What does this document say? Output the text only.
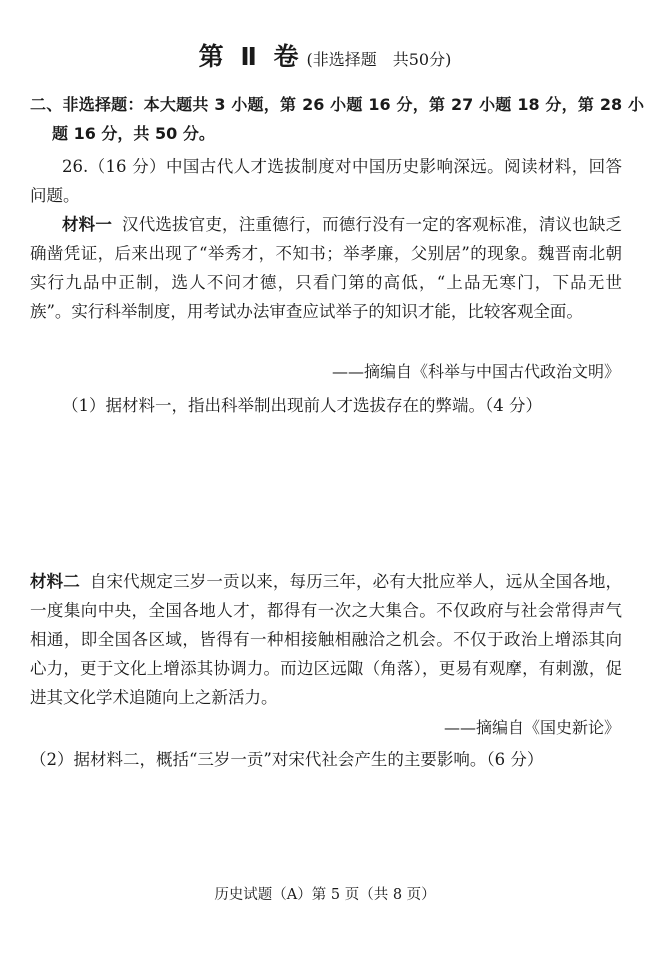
第 Ⅱ 卷 (非选择题　共50分)
二、非选择题：本大题共 3 小题，第 26 小题 16 分，第 27 小题 18 分，第 28 小题 16 分，共 50 分。
26.（16 分）中国古代人才选拔制度对中国历史影响深远。阅读材料，回答问题。
材料一 汉代选拔官吏，注重德行，而德行没有一定的客观标准，清议也缺乏确凿凭证，后来出现了“举秀才，不知书；举孝廉，父别居”的现象。魏晋南北朝实行九品中正制，选人不问才德，只看门第的高低，“上品无寒门，下品无世族”。实行科举制度，用考试办法审查应试举子的知识才能，比较客观全面。
——摘编自《科举与中国古代政治文明》
（1）据材料一，指出科举制出现前人才选拔存在的弊端。（4 分）
材料二 自宋代规定三岁一贡以来，每历三年，必有大批应举人，远从全国各地，一度集向中央，全国各地人才，都得有一次之大集合。不仅政府与社会常得声气相通，即全国各区域，皆得有一种相接触相融洽之机会。不仅于政治上增添其向心力，更于文化上增添其协调力。而边区远陬（角落），更易有观摩，有刺激，促进其文化学术追随向上之新活力。
——摘编自《国史新论》
（2）据材料二，概括“三岁一贡”对宋代社会产生的主要影响。（6 分）
历史试题（A）第 5 页（共 8 页）
